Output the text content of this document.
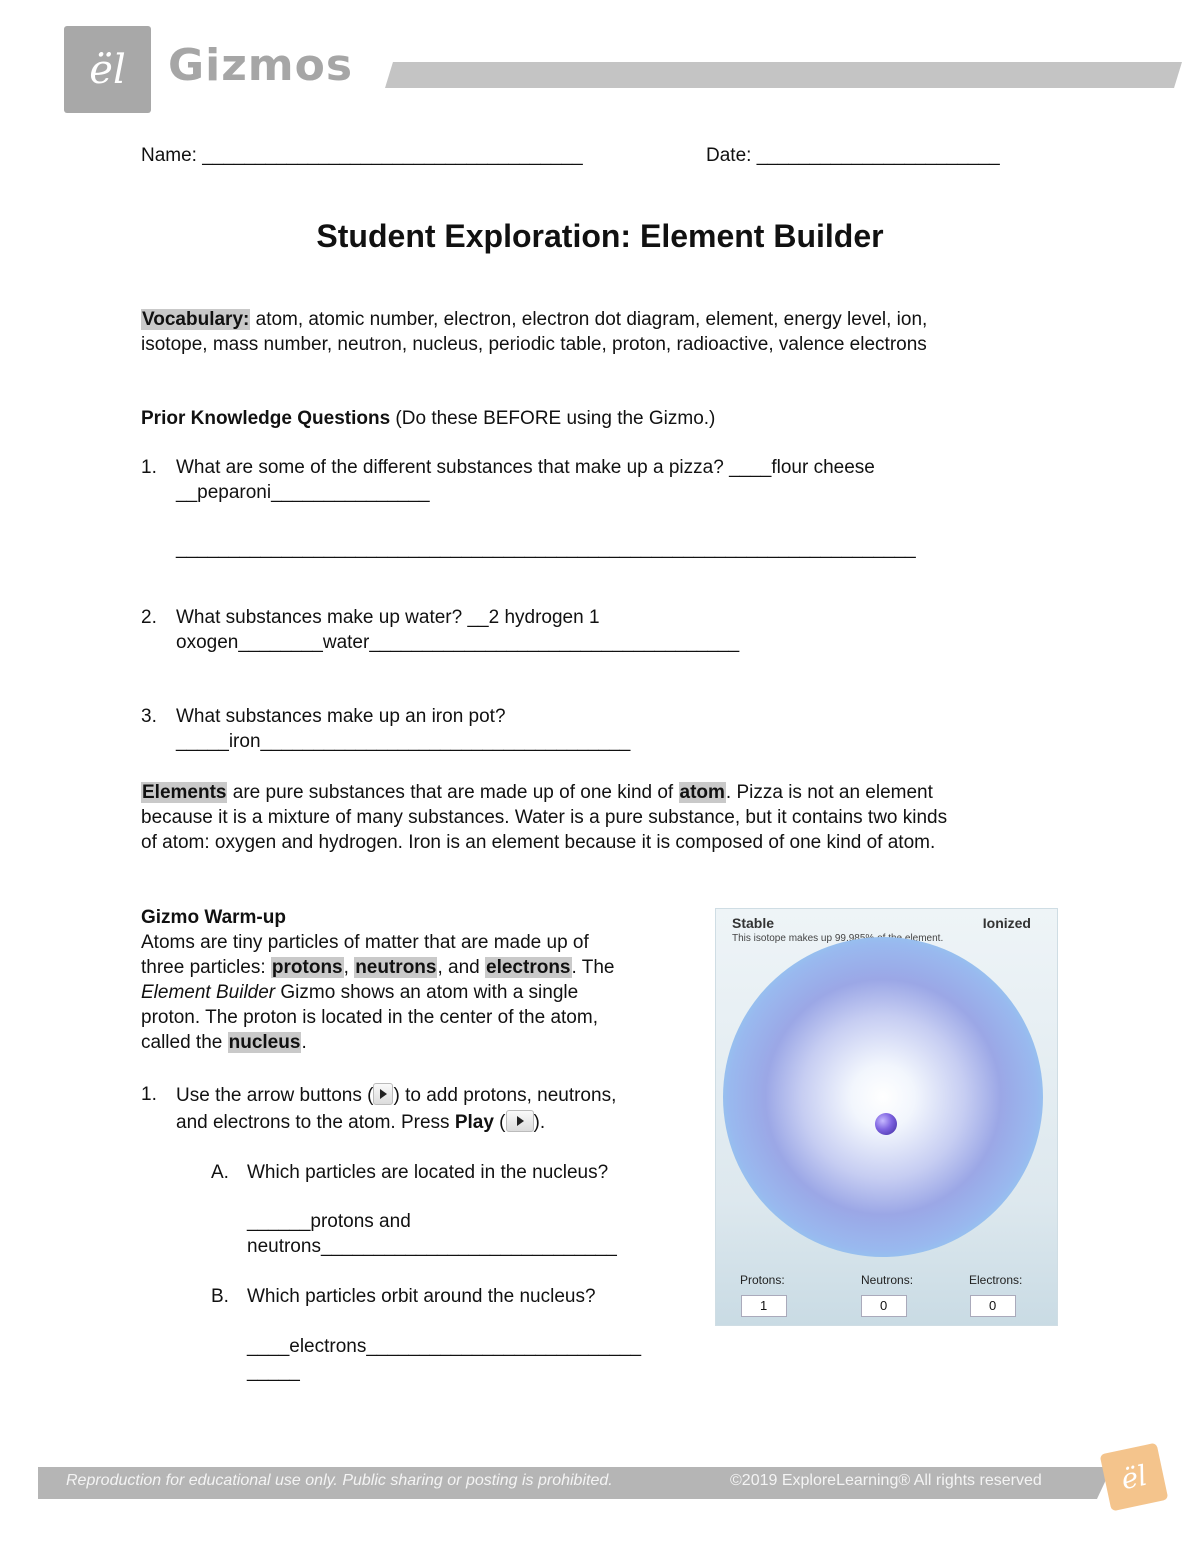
ël Gizmos
Name: ____________________________________	Date: _______________________
Student Exploration: Element Builder
Vocabulary: atom, atomic number, electron, electron dot diagram, element, energy level, ion,
isotope, mass number, neutron, nucleus, periodic table, proton, radioactive, valence electrons
Prior Knowledge Questions (Do these BEFORE using the Gizmo.)
1. What are some of the different substances that make up a pizza? ____flour cheese
__peparoni_______________
______________________________________________________________________
2. What substances make up water? __2 hydrogen 1
oxogen________water___________________________________
3. What substances make up an iron pot?
_____iron___________________________________
Elements are pure substances that are made up of one kind of atom. Pizza is not an element
because it is a mixture of many substances. Water is a pure substance, but it contains two kinds
of atom: oxygen and hydrogen. Iron is an element because it is composed of one kind of atom.
Gizmo Warm-up
Atoms are tiny particles of matter that are made up of
three particles: protons, neutrons, and electrons. The
Element Builder Gizmo shows an atom with a single
proton. The proton is located in the center of the atom,
called the nucleus.
1. Use the arrow buttons ( ) to add protons, neutrons,
and electrons to the atom. Press Play ( ).
A. Which particles are located in the nucleus?
______protons and
neutrons____________________________
B. Which particles orbit around the nucleus?
____electrons__________________________
_____
Stable	Ionized
This isotope makes up 99.985% of the element.
Protons:	Neutrons:	Electrons:
1	0	0
Reproduction for educational use only. Public sharing or posting is prohibited.	©2019 ExploreLearning® All rights reserved	ël
